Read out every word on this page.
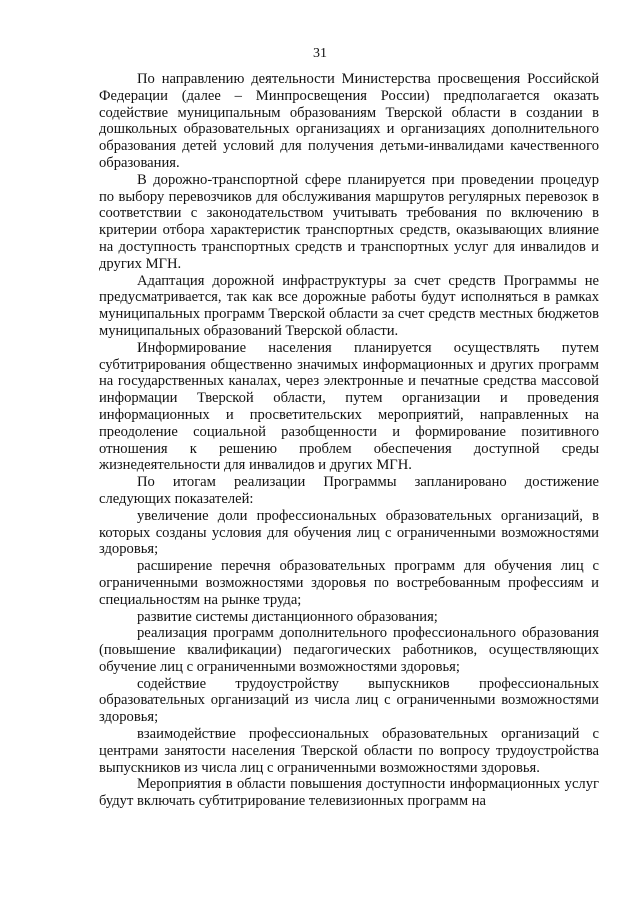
31

По направлению деятельности Министерства просвещения Российской Федерации (далее – Минпросвещения России) предполагается оказать содействие муниципальным образованиям Тверской области в создании в дошкольных образовательных организациях и организациях дополнительного образования детей условий для получения детьми-инвалидами качественного образования.

В дорожно-транспортной сфере планируется при проведении процедур по выбору перевозчиков для обслуживания маршрутов регулярных перевозок в соответствии с законодательством учитывать требования по включению в критерии отбора характеристик транспортных средств, оказывающих влияние на доступность транспортных средств и транспортных услуг для инвалидов и других МГН.

Адаптация дорожной инфраструктуры за счет средств Программы не предусматривается, так как все дорожные работы будут исполняться в рамках муниципальных программ Тверской области за счет средств местных бюджетов муниципальных образований Тверской области.

Информирование населения планируется осуществлять путем субтитрирования общественно значимых информационных и других программ на государственных каналах, через электронные и печатные средства массовой информации Тверской области, путем организации и проведения информационных и просветительских мероприятий, направленных на преодоление социальной разобщенности и формирование позитивного отношения к решению проблем обеспечения доступной среды жизнедеятельности для инвалидов и других МГН.

По итогам реализации Программы запланировано достижение следующих показателей:

увеличение доли профессиональных образовательных организаций, в которых созданы условия для обучения лиц с ограниченными возможностями здоровья;

расширение перечня образовательных программ для обучения лиц с ограниченными возможностями здоровья по востребованным профессиям и специальностям на рынке труда;

развитие системы дистанционного образования;

реализация программ дополнительного профессионального образования (повышение квалификации) педагогических работников, осуществляющих обучение лиц с ограниченными возможностями здоровья;

содействие трудоустройству выпускников профессиональных образовательных организаций из числа лиц с ограниченными возможностями здоровья;

взаимодействие профессиональных образовательных организаций с центрами занятости населения Тверской области по вопросу трудоустройства выпускников из числа лиц с ограниченными возможностями здоровья.

Мероприятия в области повышения доступности информационных услуг будут включать субтитрирование телевизионных программ на
